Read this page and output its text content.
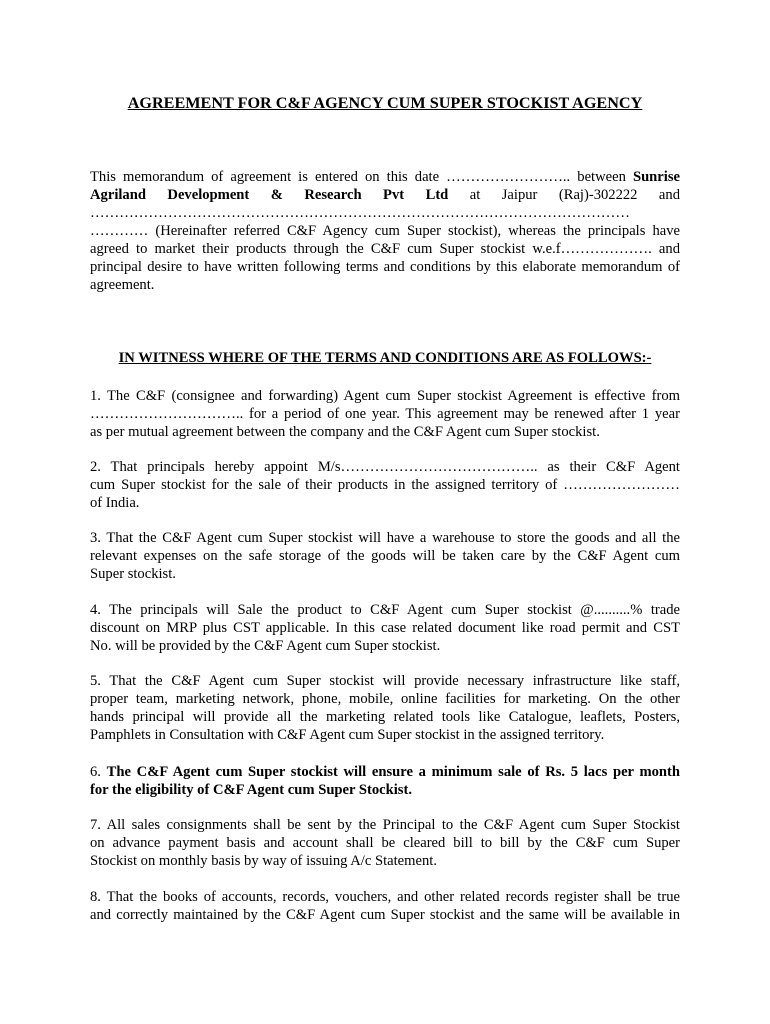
AGREEMENT FOR C&F AGENCY CUM SUPER STOCKIST AGENCY
This memorandum of agreement is entered on this date …………………….. between Sunrise
Agriland Development & Research Pvt Ltd at Jaipur (Raj)-302222 and
…………………………………………………………………………………………………
………… (Hereinafter referred C&F Agency cum Super stockist), whereas the principals have
agreed to market their products through the C&F cum Super stockist w.e.f………………. and
principal desire to have written following terms and conditions by this elaborate memorandum of
agreement.
IN WITNESS WHERE OF THE TERMS AND CONDITIONS ARE AS FOLLOWS:-
1. The C&F (consignee and forwarding) Agent cum Super stockist Agreement is effective from
………………………….. for a period of one year. This agreement may be renewed after 1 year
as per mutual agreement between the company and the C&F Agent cum Super stockist.
2. That principals hereby appoint M/s………………………………….. as their C&F Agent
cum Super stockist for the sale of their products in the assigned territory of ……………………
of India.
3. That the C&F Agent cum Super stockist will have a warehouse to store the goods and all the
relevant expenses on the safe storage of the goods will be taken care by the C&F Agent cum
Super stockist.
4. The principals will Sale the product to C&F Agent cum Super stockist @..........% trade
discount on MRP plus CST applicable. In this case related document like road permit and CST
No. will be provided by the C&F Agent cum Super stockist.
5. That the C&F Agent cum Super stockist will provide necessary infrastructure like staff,
proper team, marketing network, phone, mobile, online facilities for marketing. On the other
hands principal will provide all the marketing related tools like Catalogue, leaflets, Posters,
Pamphlets in Consultation with C&F Agent cum Super stockist in the assigned territory.
6. The C&F Agent cum Super stockist will ensure a minimum sale of Rs. 5 lacs per month
for the eligibility of C&F Agent cum Super Stockist.
7. All sales consignments shall be sent by the Principal to the C&F Agent cum Super Stockist
on advance payment basis and account shall be cleared bill to bill by the C&F cum Super
Stockist on monthly basis by way of issuing A/c Statement.
8. That the books of accounts, records, vouchers, and other related records register shall be true
and correctly maintained by the C&F Agent cum Super stockist and the same will be available in
